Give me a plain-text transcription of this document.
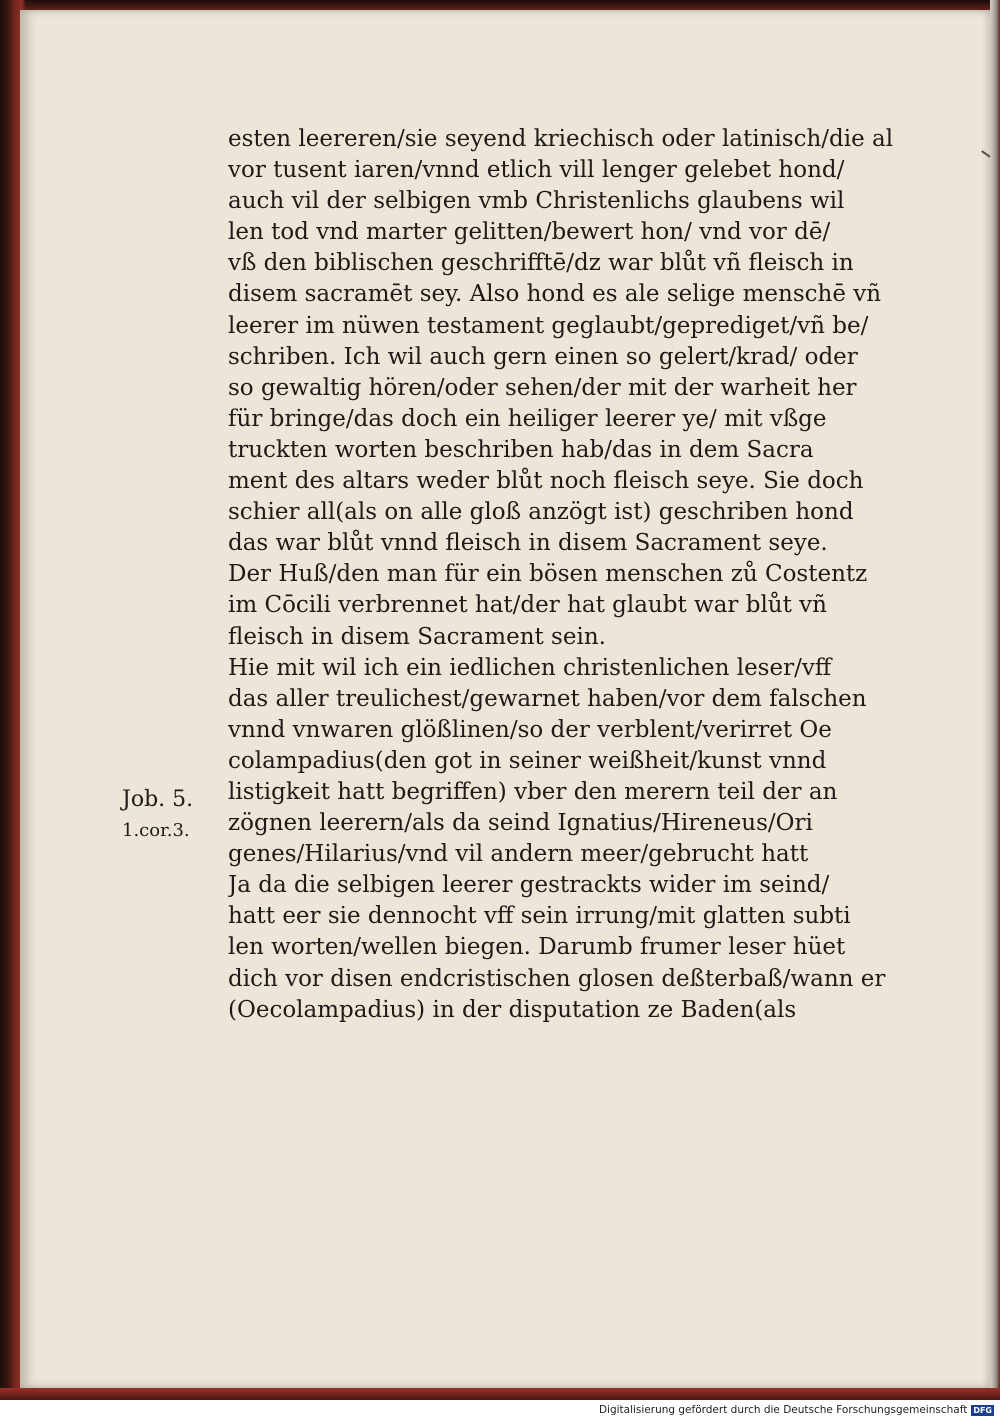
esten leereren/sie seyend kriechisch oder latinisch/die al
vor tusent iaren/vnnd etlich vill lenger gelebet hond/
auch vil der selbigen vmb Christenlichs glaubens wil
len tod vnd marter gelitten/bewert hon/ vnd vor dē/
vß den biblischen geschrifftē/dz war blůt vñ fleisch in
disem sacramēt sey. Also hond es ale selige menschē vñ
leerer im nüwen testament geglaubt/geprediget/vñ be/
schriben. Ich wil auch gern einen so gelert/krad/ oder
so gewaltig hören/oder sehen/der mit der warheit her
für bringe/das doch ein heiliger leerer ye/ mit vßge
truckten worten beschriben hab/das in dem Sacra
ment des altars weder blůt noch fleisch seye. Sie doch
schier all(als on alle gloß anzögt ist) geschriben hond
das war blůt vnnd fleisch in disem Sacrament seye.
Der Huß/den man für ein bösen menschen zů Costentz
im Cōcili verbrennet hat/der hat glaubt war blůt vñ
fleisch in disem Sacrament sein.
Hie mit wil ich ein iedlichen christenlichen leser/vff
das aller treulichest/gewarnet haben/vor dem falschen
vnnd vnwaren glößlinen/so der verblent/verirret Oe
colampadius(den got in seiner weißheit/kunst vnnd
listigkeit hatt begriffen) vber den merern teil der an
zögnen leerern/als da seind Ignatius/Hireneus/Ori
genes/Hilarius/vnd vil andern meer/gebrucht hatt
Ja da die selbigen leerer gestrackts wider im seind/
hatt eer sie dennocht vff sein irrung/mit glatten subti
len worten/wellen biegen. Darumb frumer leser hüet
dich vor disen endcristischen glosen deßterbaß/wann er
(Oecolampadius) in der disputation ze Baden(als
Job. 5.
1.cor.3.
Digitalisierung gefördert durch die Deutsche Forschungsgemeinschaft DFG
